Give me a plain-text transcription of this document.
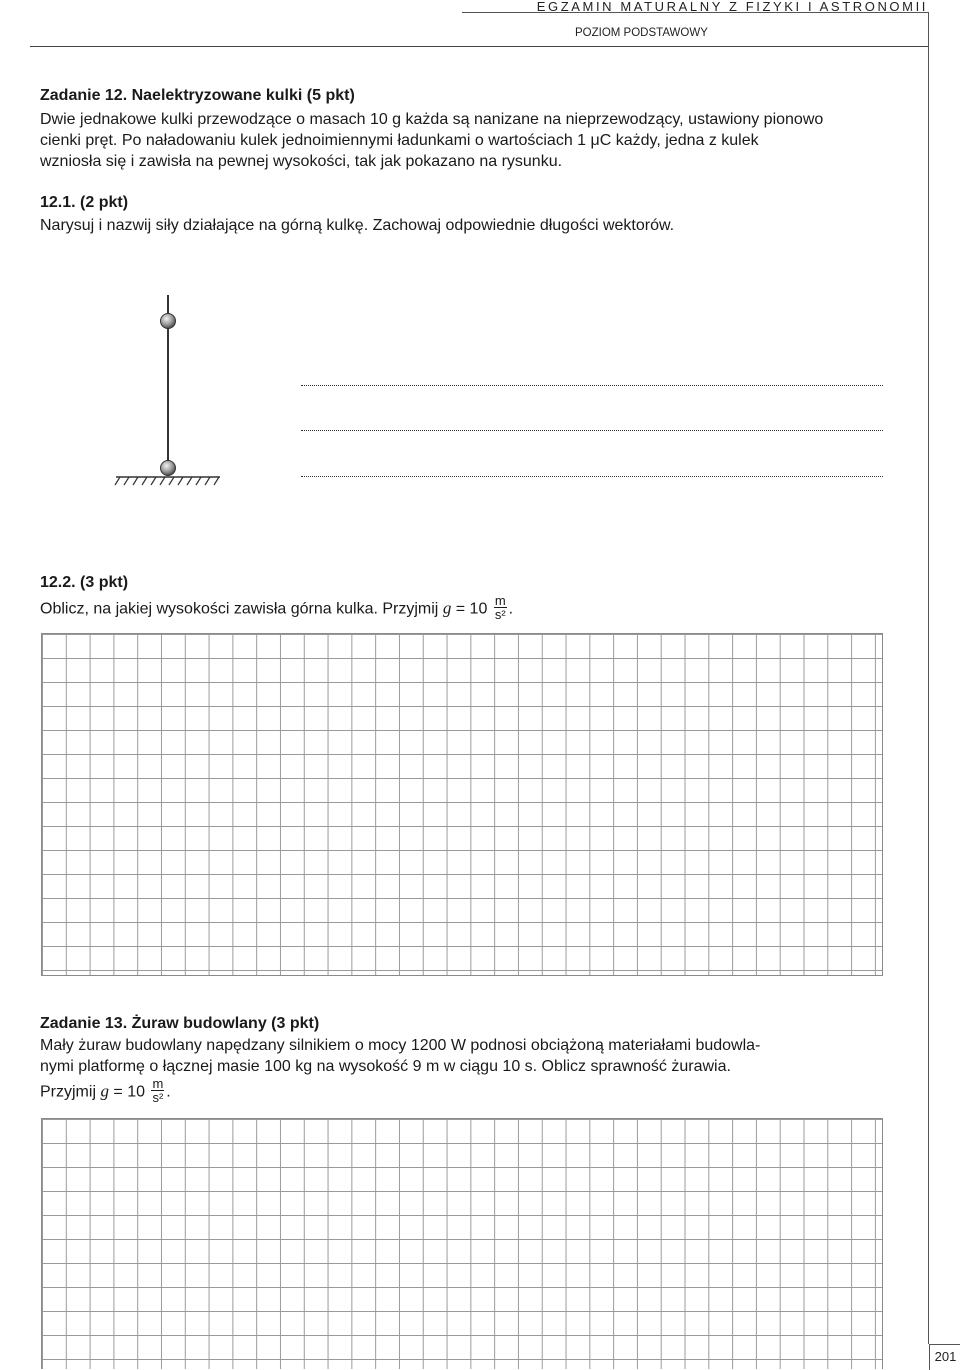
EGZAMIN MATURALNY Z FIZYKI I ASTRONOMII
POZIOM PODSTAWOWY
Zadanie 12. Naelektryzowane kulki (5 pkt)
Dwie jednakowe kulki przewodzące o masach 10 g każda są nanizane na nieprzewodzący, ustawiony pionowo
cienki pręt. Po naładowaniu kulek jednoimiennymi ładunkami o wartościach 1 μC każdy, jedna z kulek
wzniosła się i zawisła na pewnej wysokości, tak jak pokazano na rysunku.
12.1. (2 pkt)
Narysuj i nazwij siły działające na górną kulkę. Zachowaj odpowiednie długości wektorów.
12.2. (3 pkt)
Oblicz, na jakiej wysokości zawisła górna kulka. Przyjmij $g = 10 \frac{m}{\text{s²}}$ .
Zadanie 13. Żuraw budowlany (3 pkt)
Mały żuraw budowlany napędzany silnikiem o mocy 1200 W podnosi obciążoną materiałami budowla-
nymi platformę o łącznej masie 100 kg na wysokość 9 m w ciągu 10 s. Oblicz sprawność żurawia.
Przyjmij $g = 10 \frac{m}{\text{s²}}$ .
201
